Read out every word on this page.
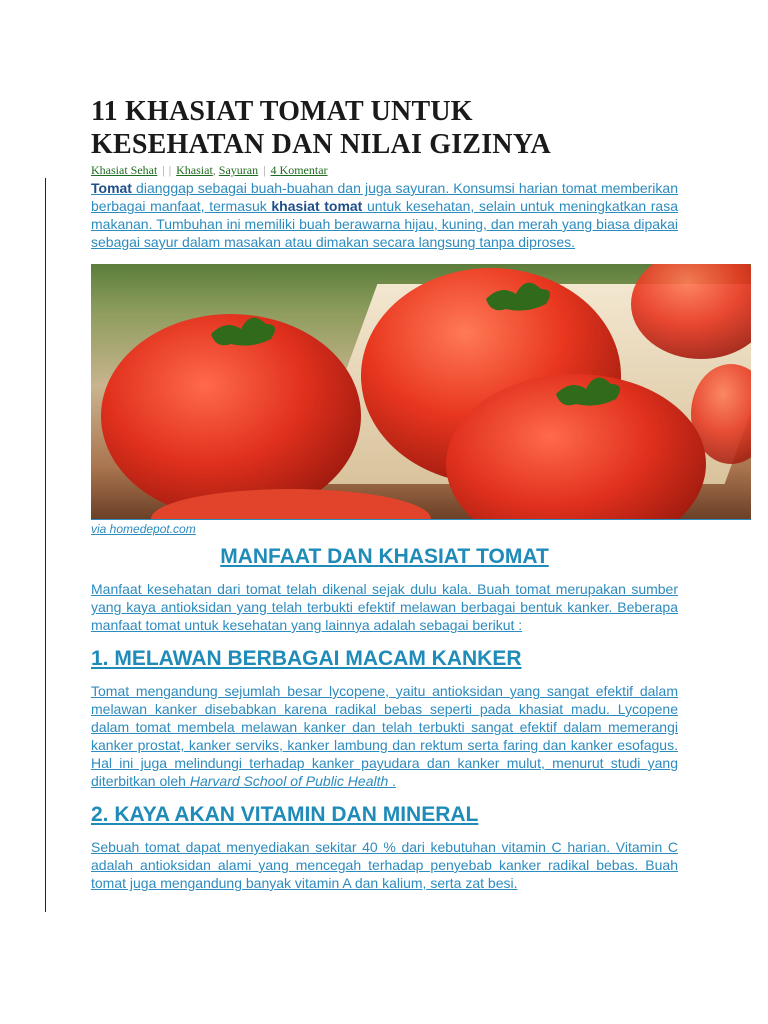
11 KHASIAT TOMAT UNTUK
KESEHATAN DAN NILAI GIZINYA
Khasiat Sehat | | Khasiat, Sayuran | 4 Komentar

Tomat dianggap sebagai buah-buahan dan juga sayuran. Konsumsi harian tomat memberikan berbagai manfaat, termasuk khasiat tomat untuk kesehatan, selain untuk meningkatkan rasa makanan. Tumbuhan ini memiliki buah berawarna hijau, kuning, dan merah yang biasa dipakai sebagai sayur dalam masakan atau dimakan secara langsung tanpa diproses.

via homedepot.com
MANFAAT DAN KHASIAT TOMAT

Manfaat kesehatan dari tomat telah dikenal sejak dulu kala. Buah tomat merupakan sumber yang kaya antioksidan yang telah terbukti efektif melawan berbagai bentuk kanker. Beberapa manfaat tomat untuk kesehatan yang lainnya adalah sebagai berikut :

1. MELAWAN BERBAGAI MACAM KANKER

Tomat mengandung sejumlah besar lycopene, yaitu antioksidan yang sangat efektif dalam melawan kanker disebabkan karena radikal bebas seperti pada khasiat madu. Lycopene dalam tomat membela melawan kanker dan telah terbukti sangat efektif dalam memerangi kanker prostat, kanker serviks, kanker lambung dan rektum serta faring dan kanker esofagus. Hal ini juga melindungi terhadap kanker payudara dan kanker mulut, menurut studi yang diterbitkan oleh Harvard School of Public Health .

2. KAYA AKAN VITAMIN DAN MINERAL

Sebuah tomat dapat menyediakan sekitar 40 % dari kebutuhan vitamin C harian. Vitamin C adalah antioksidan alami yang mencegah terhadap penyebab kanker radikal bebas. Buah tomat juga mengandung banyak vitamin A dan kalium, serta zat besi.
